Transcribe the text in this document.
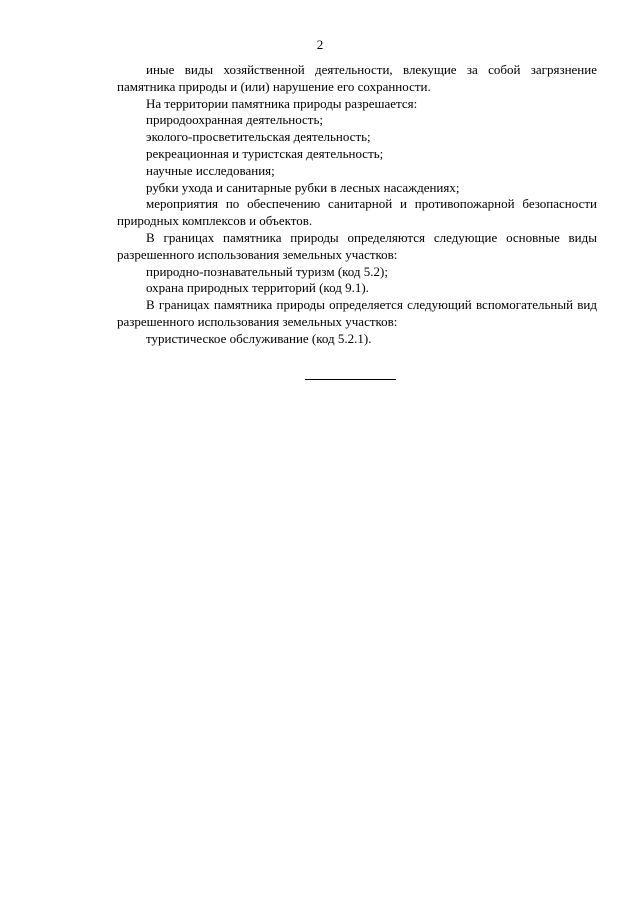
2

иные виды хозяйственной деятельности, влекущие за собой загрязнение памятника природы и (или) нарушение его сохранности.

На территории памятника природы разрешается:

природоохранная деятельность;

эколого-просветительская деятельность;

рекреационная и туристская деятельность;

научные исследования;

рубки ухода и санитарные рубки в лесных насаждениях;

мероприятия по обеспечению санитарной и противопожарной безопасности природных комплексов и объектов.

В границах памятника природы определяются следующие основные виды разрешенного использования земельных участков:

природно-познавательный туризм (код 5.2);

охрана природных территорий (код 9.1).

В границах памятника природы определяется следующий вспомогательный вид разрешенного использования земельных участков:

туристическое обслуживание (код 5.2.1).
